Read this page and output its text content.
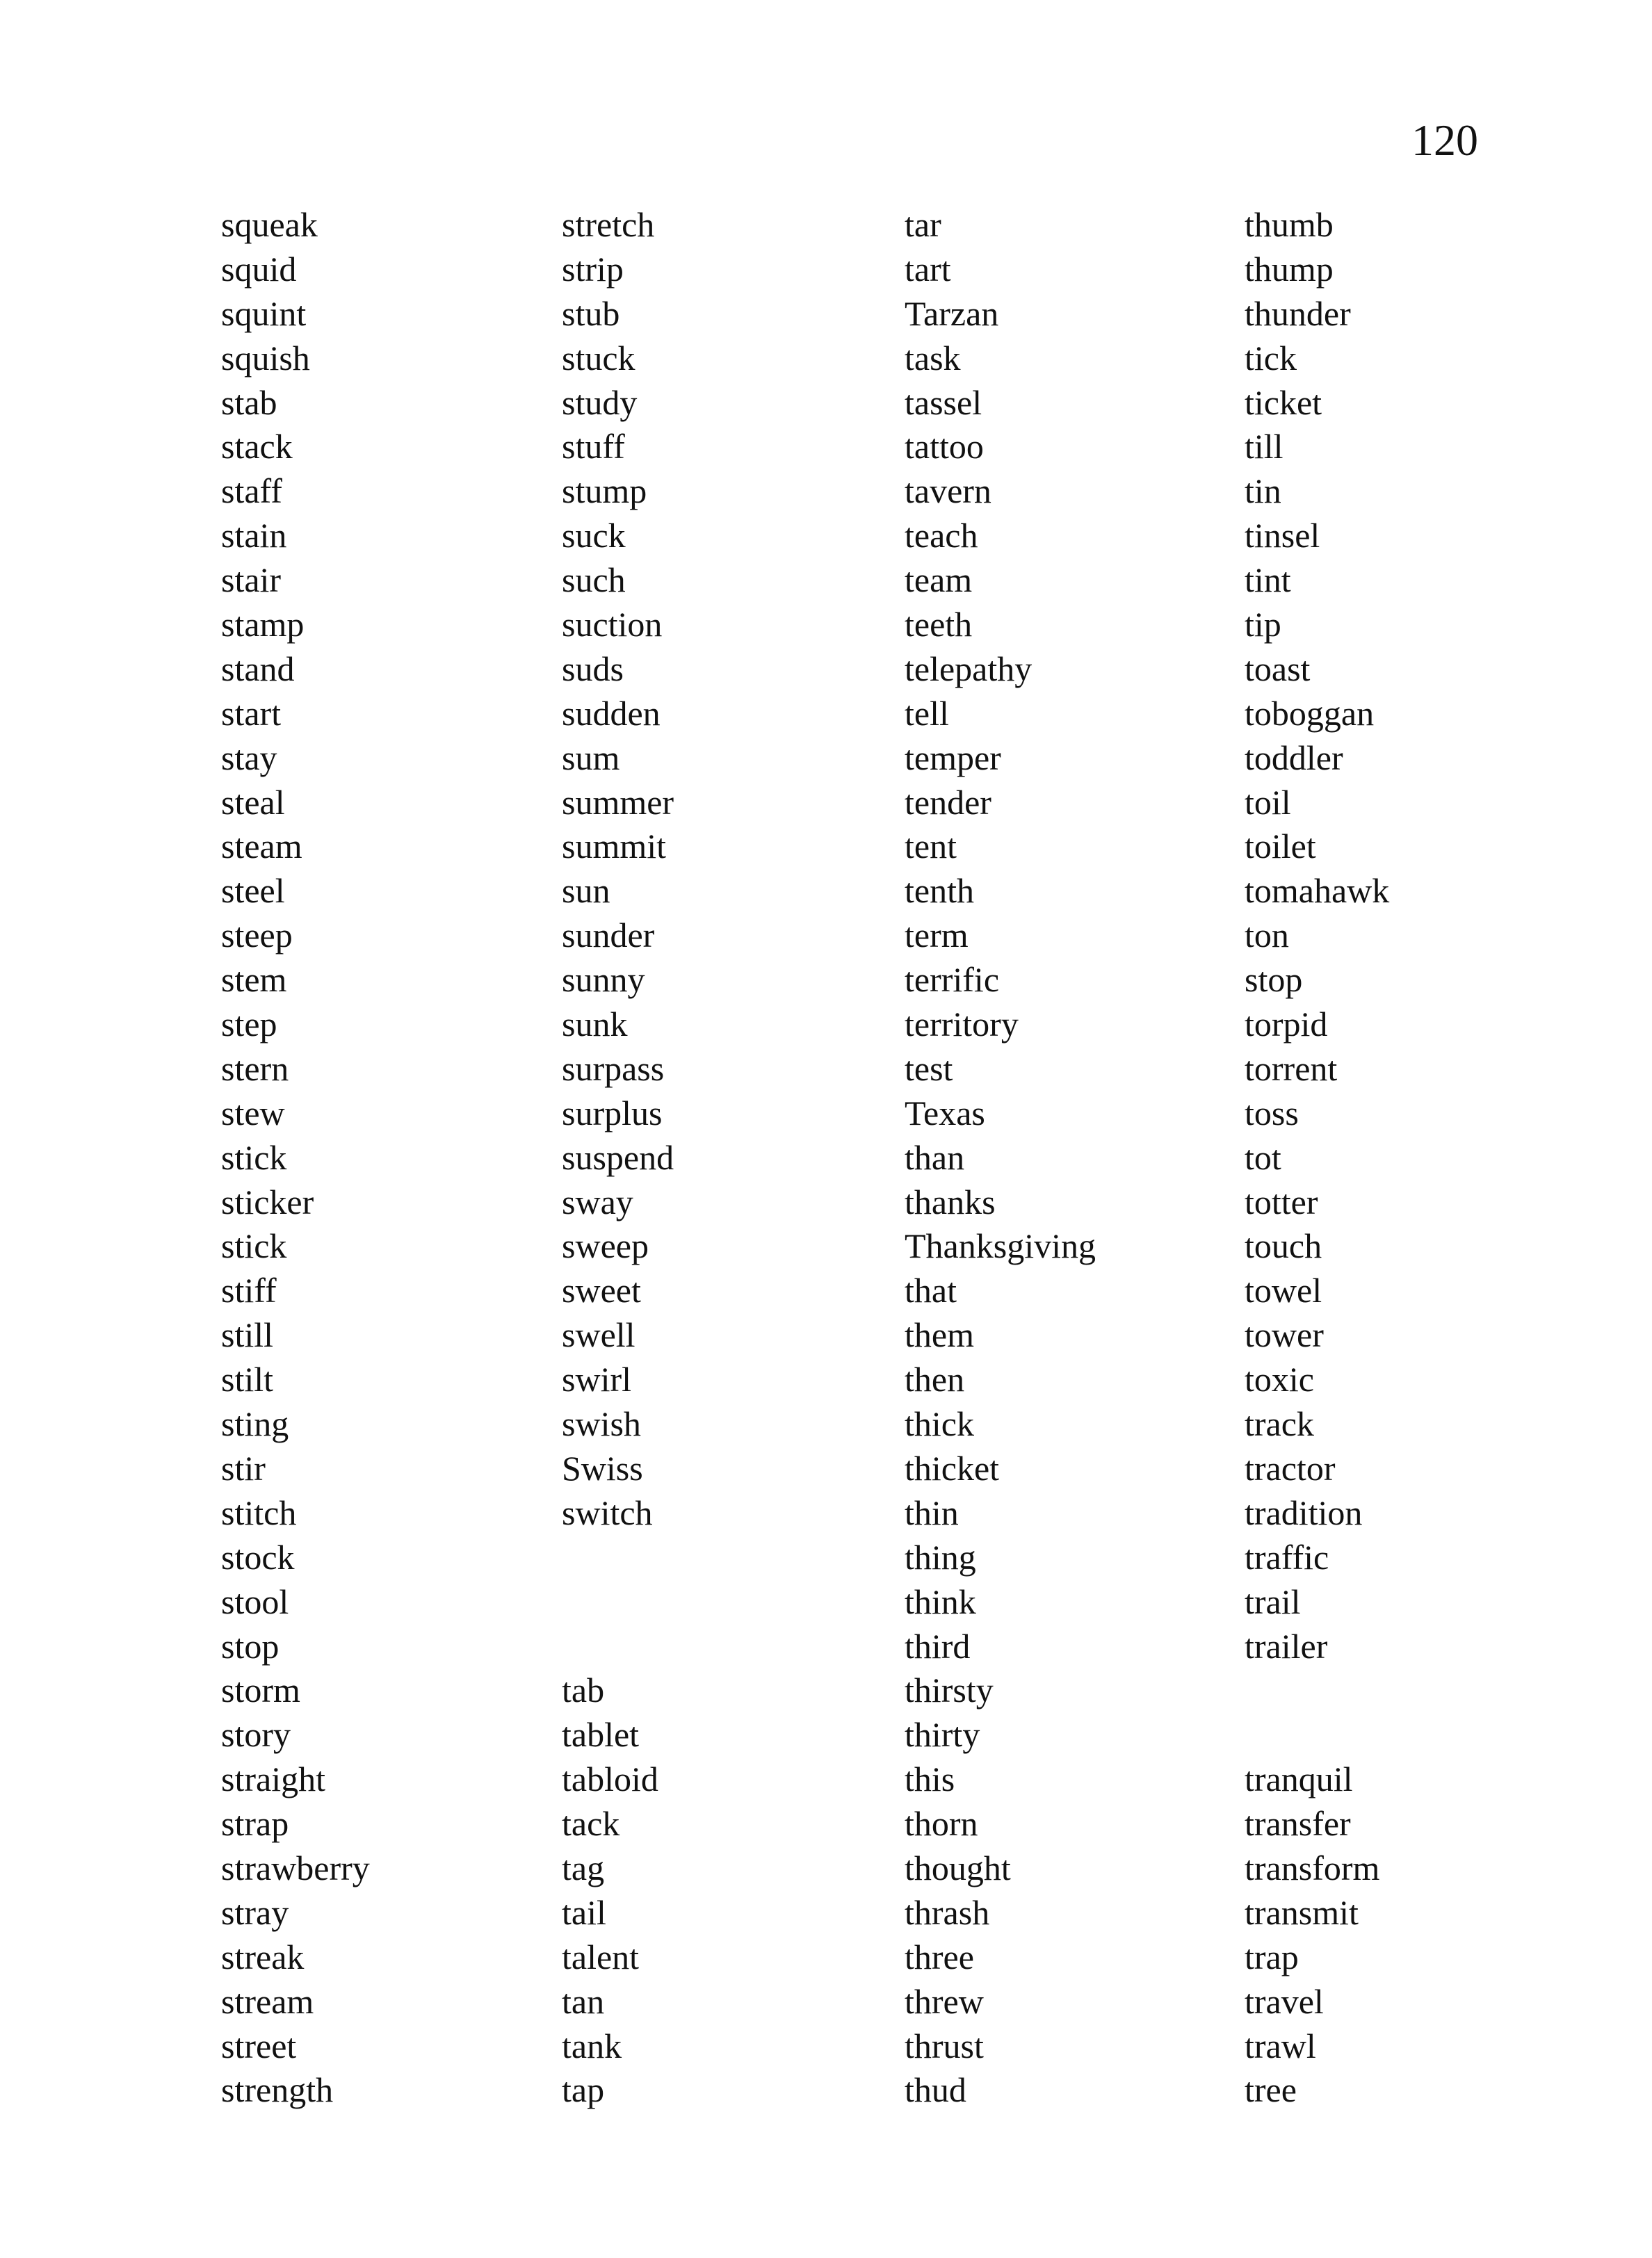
120
squeak
squid
squint
squish
stab
stack
staff
stain
stair
stamp
stand
start
stay
steal
steam
steel
steep
stem
step
stern
stew
stick
sticker
stick
stiff
still
stilt
sting
stir
stitch
stock
stool
stop
storm
story
straight
strap
strawberry
stray
streak
stream
street
strength
stretch
strip
stub
stuck
study
stuff
stump
suck
such
suction
suds
sudden
sum
summer
summit
sun
sunder
sunny
sunk
surpass
surplus
suspend
sway
sweep
sweet
swell
swirl
swish
Swiss
switch
tab
tablet
tabloid
tack
tag
tail
talent
tan
tank
tap
tar
tart
Tarzan
task
tassel
tattoo
tavern
teach
team
teeth
telepathy
tell
temper
tender
tent
tenth
term
terrific
territory
test
Texas
than
thanks
Thanksgiving
that
them
then
thick
thicket
thin
thing
think
third
thirsty
thirty
this
thorn
thought
thrash
three
threw
thrust
thud
thumb
thump
thunder
tick
ticket
till
tin
tinsel
tint
tip
toast
toboggan
toddler
toil
toilet
tomahawk
ton
stop
torpid
torrent
toss
tot
totter
touch
towel
tower
toxic
track
tractor
tradition
traffic
trail
trailer
tranquil
transfer
transform
transmit
trap
travel
trawl
tree
